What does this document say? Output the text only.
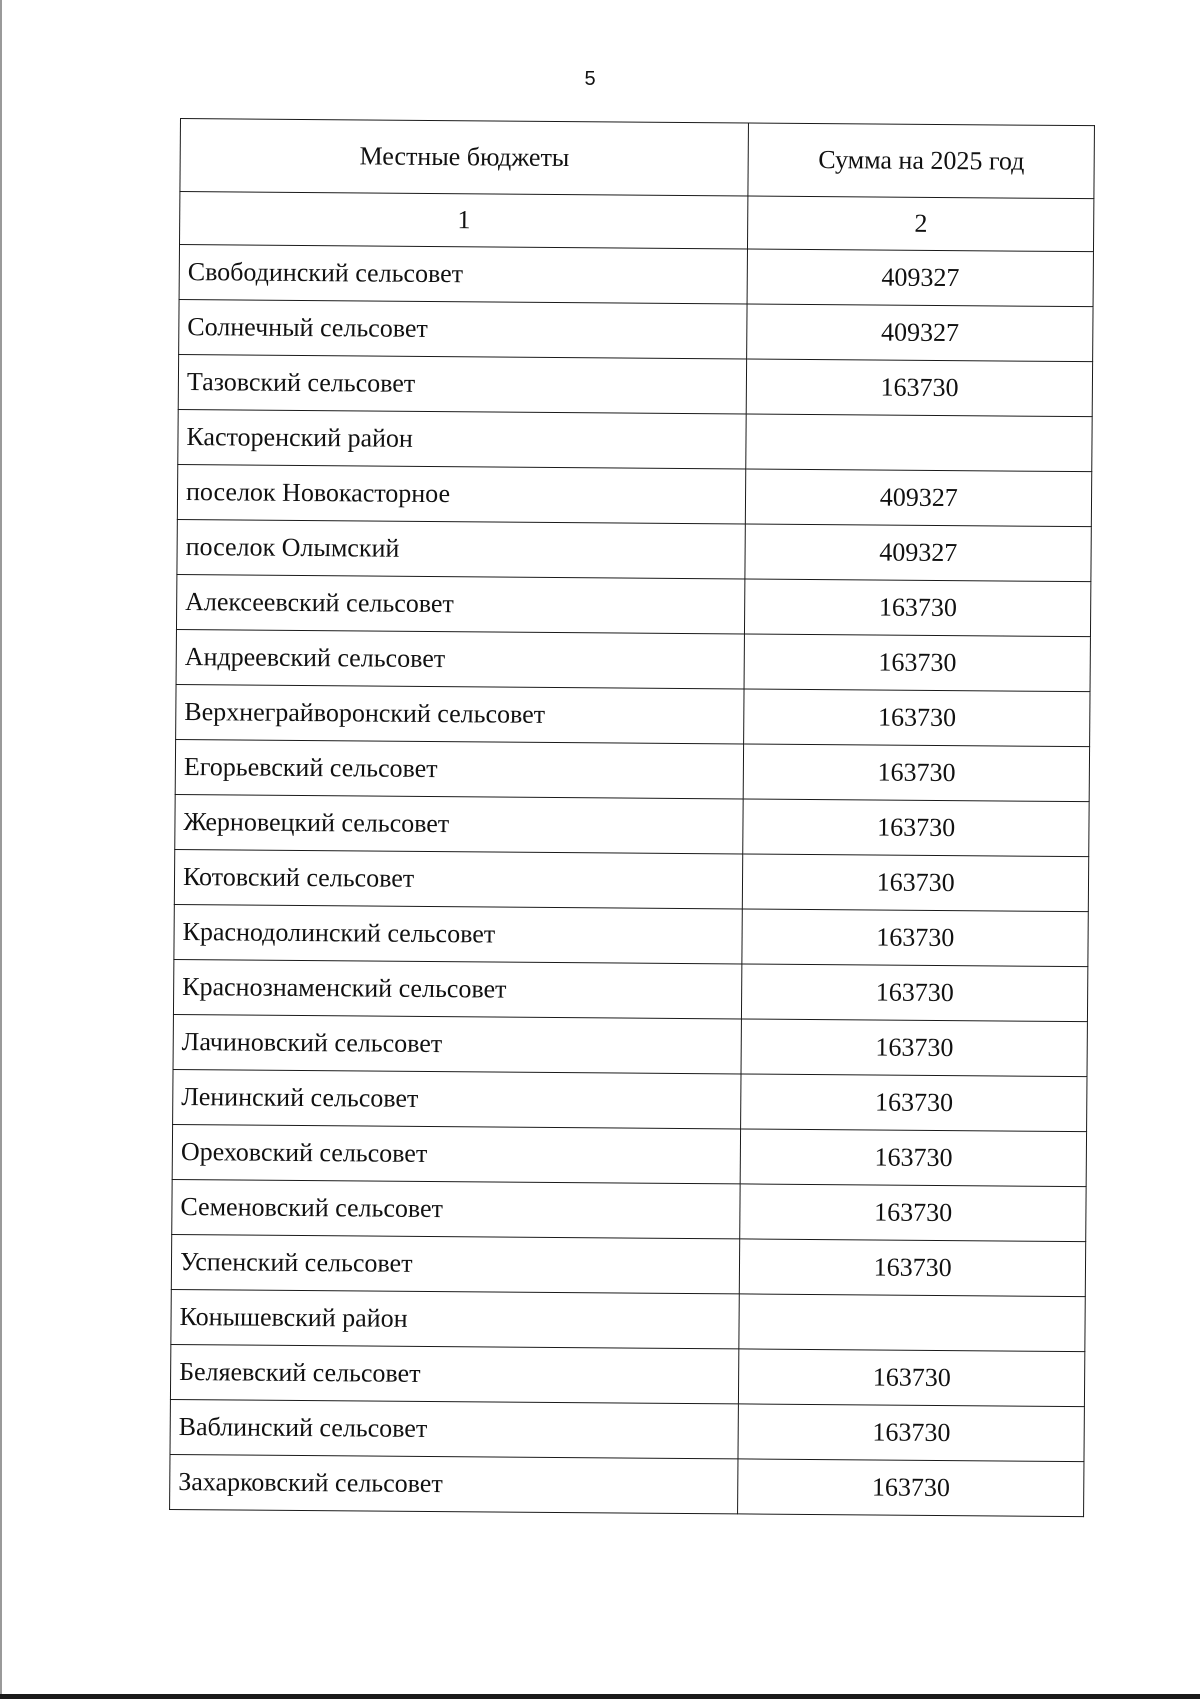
5
Местные бюджеты	Сумма на 2025 год
1	2
Свободинский сельсовет	409327
Солнечный сельсовет	409327
Тазовский сельсовет	163730
Касторенский район	
поселок Новокасторное	409327
поселок Олымский	409327
Алексеевский сельсовет	163730
Андреевский сельсовет	163730
Верхнеграйворонский сельсовет	163730
Егорьевский сельсовет	163730
Жерновецкий сельсовет	163730
Котовский сельсовет	163730
Краснодолинский сельсовет	163730
Краснознаменский сельсовет	163730
Лачиновский сельсовет	163730
Ленинский сельсовет	163730
Ореховский сельсовет	163730
Семеновский сельсовет	163730
Успенский сельсовет	163730
Конышевский район	
Беляевский сельсовет	163730
Ваблинский сельсовет	163730
Захарковский сельсовет	163730
